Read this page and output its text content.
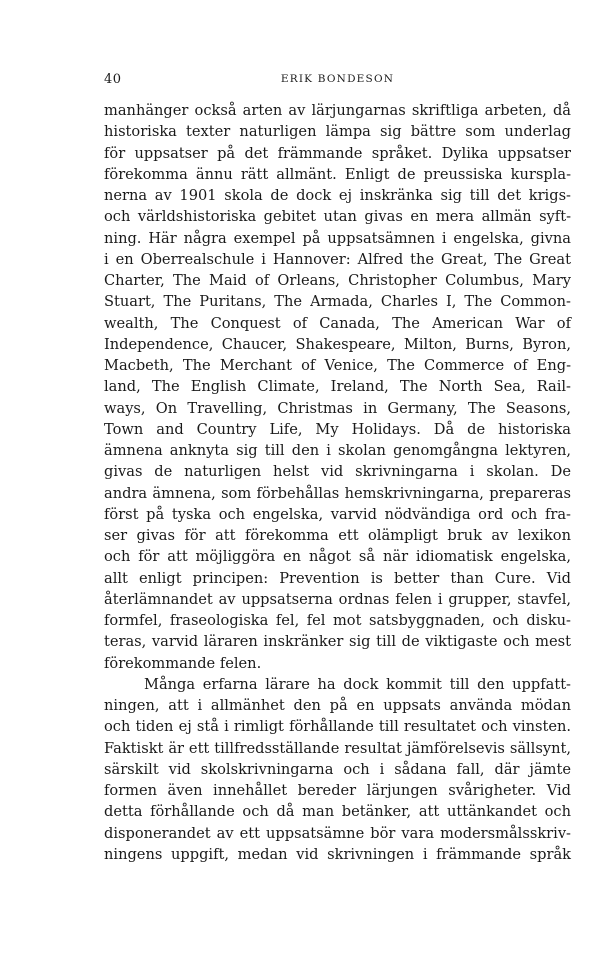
40	ERIK BONDESON
manhänger också arten av lärjungarnas skriftliga arbeten, då
historiska texter naturligen lämpa sig bättre som underlag
för uppsatser på det främmande språket. Dylika uppsatser
förekomma ännu rätt allmänt. Enligt de preussiska kurspla-
nerna av 1901 skola de dock ej inskränka sig till det krigs-
och världshistoriska gebitet utan givas en mera allmän syft-
ning. Här några exempel på uppsatsämnen i engelska, givna
i en Oberrealschule i Hannover: Alfred the Great, The Great
Charter, The Maid of Orleans, Christopher Columbus, Mary
Stuart, The Puritans, The Armada, Charles I, The Common-
wealth, The Conquest of Canada, The American War of
Independence, Chaucer, Shakespeare, Milton, Burns, Byron,
Macbeth, The Merchant of Venice, The Commerce of Eng-
land, The English Climate, Ireland, The North Sea, Rail-
ways, On Travelling, Christmas in Germany, The Seasons,
Town and Country Life, My Holidays. Då de historiska
ämnena anknyta sig till den i skolan genomgångna lektyren,
givas de naturligen helst vid skrivningarna i skolan. De
andra ämnena, som förbehållas hemskrivningarna, prepareras
först på tyska och engelska, varvid nödvändiga ord och fra-
ser givas för att förekomma ett olämpligt bruk av lexikon
och för att möjliggöra en något så när idiomatisk engelska,
allt enligt principen: Prevention is better than Cure. Vid
återlämnandet av uppsatserna ordnas felen i grupper, stavfel,
formfel, fraseologiska fel, fel mot satsbyggnaden, och disku-
teras, varvid läraren inskränker sig till de viktigaste och mest
förekommande felen.
Många erfarna lärare ha dock kommit till den uppfatt-
ningen, att i allmänhet den på en uppsats använda mödan
och tiden ej stå i rimligt förhållande till resultatet och vinsten.
Faktiskt är ett tillfredsställande resultat jämförelsevis sällsynt,
särskilt vid skolskrivningarna och i sådana fall, där jämte
formen även innehållet bereder lärjungen svårigheter. Vid
detta förhållande och då man betänker, att uttänkandet och
disponerandet av ett uppsatsämne bör vara modersmålsskriv-
ningens uppgift, medan vid skrivningen i främmande språk
